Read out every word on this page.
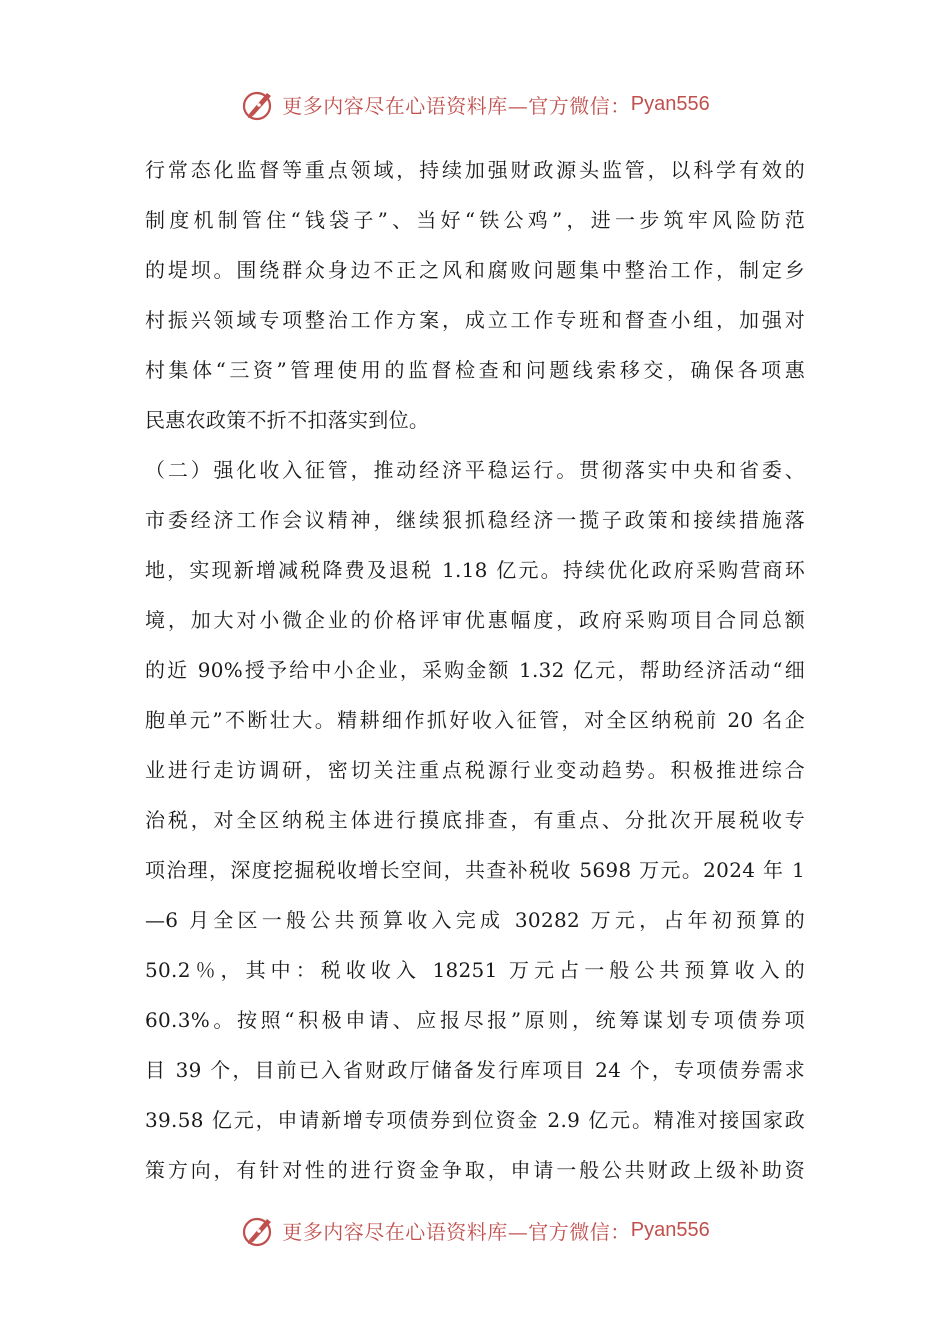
更多内容尽在心语资料库—官方微信： Pyan556
行常态化监督等重点领域，持续加强财政源头监管，以科学有效的
制度机制管住“钱袋子”、当好“铁公鸡”，进一步筑牢风险防范
的堤坝。围绕群众身边不正之风和腐败问题集中整治工作，制定乡
村振兴领域专项整治工作方案，成立工作专班和督查小组，加强对
村集体“三资”管理使用的监督检查和问题线索移交，确保各项惠
民惠农政策不折不扣落实到位。
（二）强化收入征管，推动经济平稳运行。贯彻落实中央和省委、
市委经济工作会议精神，继续狠抓稳经济一揽子政策和接续措施落
地，实现新增减税降费及退税 1.18 亿元。持续优化政府采购营商环
境，加大对小微企业的价格评审优惠幅度，政府采购项目合同总额
的近 90%授予给中小企业，采购金额 1.32 亿元，帮助经济活动“细
胞单元”不断壮大。精耕细作抓好收入征管，对全区纳税前 20 名企
业进行走访调研，密切关注重点税源行业变动趋势。积极推进综合
治税，对全区纳税主体进行摸底排查，有重点、分批次开展税收专
项治理，深度挖掘税收增长空间，共查补税收 5698 万元。2024 年 1
—6 月全区一般公共预算收入完成 30282 万元，占年初预算的
50.2％，其中：税收收入 18251 万元占一般公共预算收入的
60.3%。按照“积极申请、应报尽报”原则，统筹谋划专项债券项
目 39 个，目前已入省财政厅储备发行库项目 24 个，专项债券需求
39.58 亿元，申请新增专项债券到位资金 2.9 亿元。精准对接国家政
策方向，有针对性的进行资金争取，申请一般公共财政上级补助资
更多内容尽在心语资料库—官方微信： Pyan556
